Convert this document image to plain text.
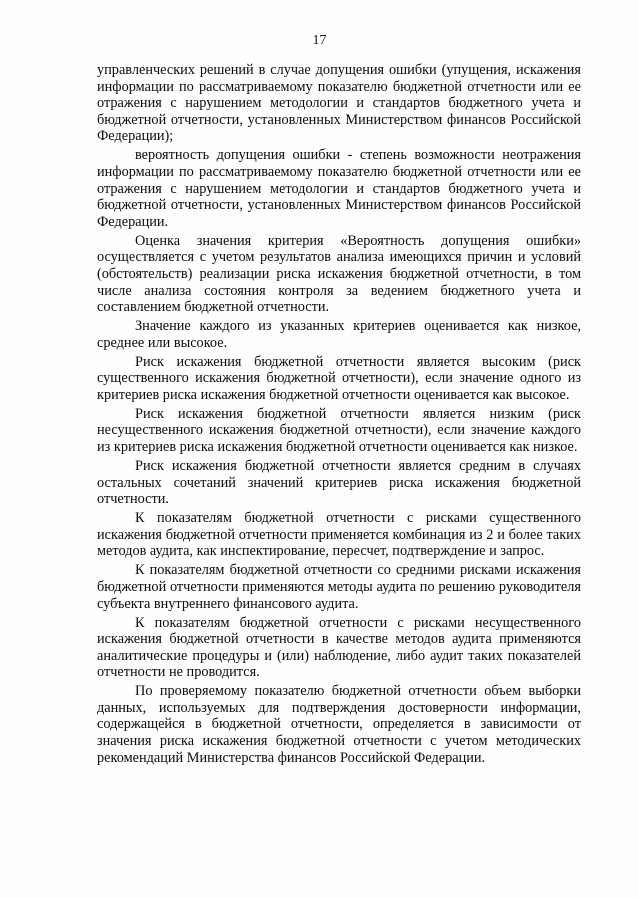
17

управленческих решений в случае допущения ошибки (упущения, искажения информации по рассматриваемому показателю бюджетной отчетности или ее отражения с нарушением методологии и стандартов бюджетного учета и бюджетной отчетности, установленных Министерством финансов Российской Федерации);

вероятность допущения ошибки - степень возможности неотражения информации по рассматриваемому показателю бюджетной отчетности или ее отражения с нарушением методологии и стандартов бюджетного учета и бюджетной отчетности, установленных Министерством финансов Российской Федерации.

Оценка значения критерия «Вероятность допущения ошибки» осуществляется с учетом результатов анализа имеющихся причин и условий (обстоятельств) реализации риска искажения бюджетной отчетности, в том числе анализа состояния контроля за ведением бюджетного учета и составлением бюджетной отчетности.

Значение каждого из указанных критериев оценивается как низкое, среднее или высокое.

Риск искажения бюджетной отчетности является высоким (риск существенного искажения бюджетной отчетности), если значение одного из критериев риска искажения бюджетной отчетности оценивается как высокое.

Риск искажения бюджетной отчетности является низким (риск несущественного искажения бюджетной отчетности), если значение каждого из критериев риска искажения бюджетной отчетности оценивается как низкое.

Риск искажения бюджетной отчетности является средним в случаях остальных сочетаний значений критериев риска искажения бюджетной отчетности.

К показателям бюджетной отчетности с рисками существенного искажения бюджетной отчетности применяется комбинация из 2 и более таких методов аудита, как инспектирование, пересчет, подтверждение и запрос.

К показателям бюджетной отчетности со средними рисками искажения бюджетной отчетности применяются методы аудита по решению руководителя субъекта внутреннего финансового аудита.

К показателям бюджетной отчетности с рисками несущественного искажения бюджетной отчетности в качестве методов аудита применяются аналитические процедуры и (или) наблюдение, либо аудит таких показателей отчетности не проводится.

По проверяемому показателю бюджетной отчетности объем выборки данных, используемых для подтверждения достоверности информации, содержащейся в бюджетной отчетности, определяется в зависимости от значения риска искажения бюджетной отчетности с учетом методических рекомендаций Министерства финансов Российской Федерации.
